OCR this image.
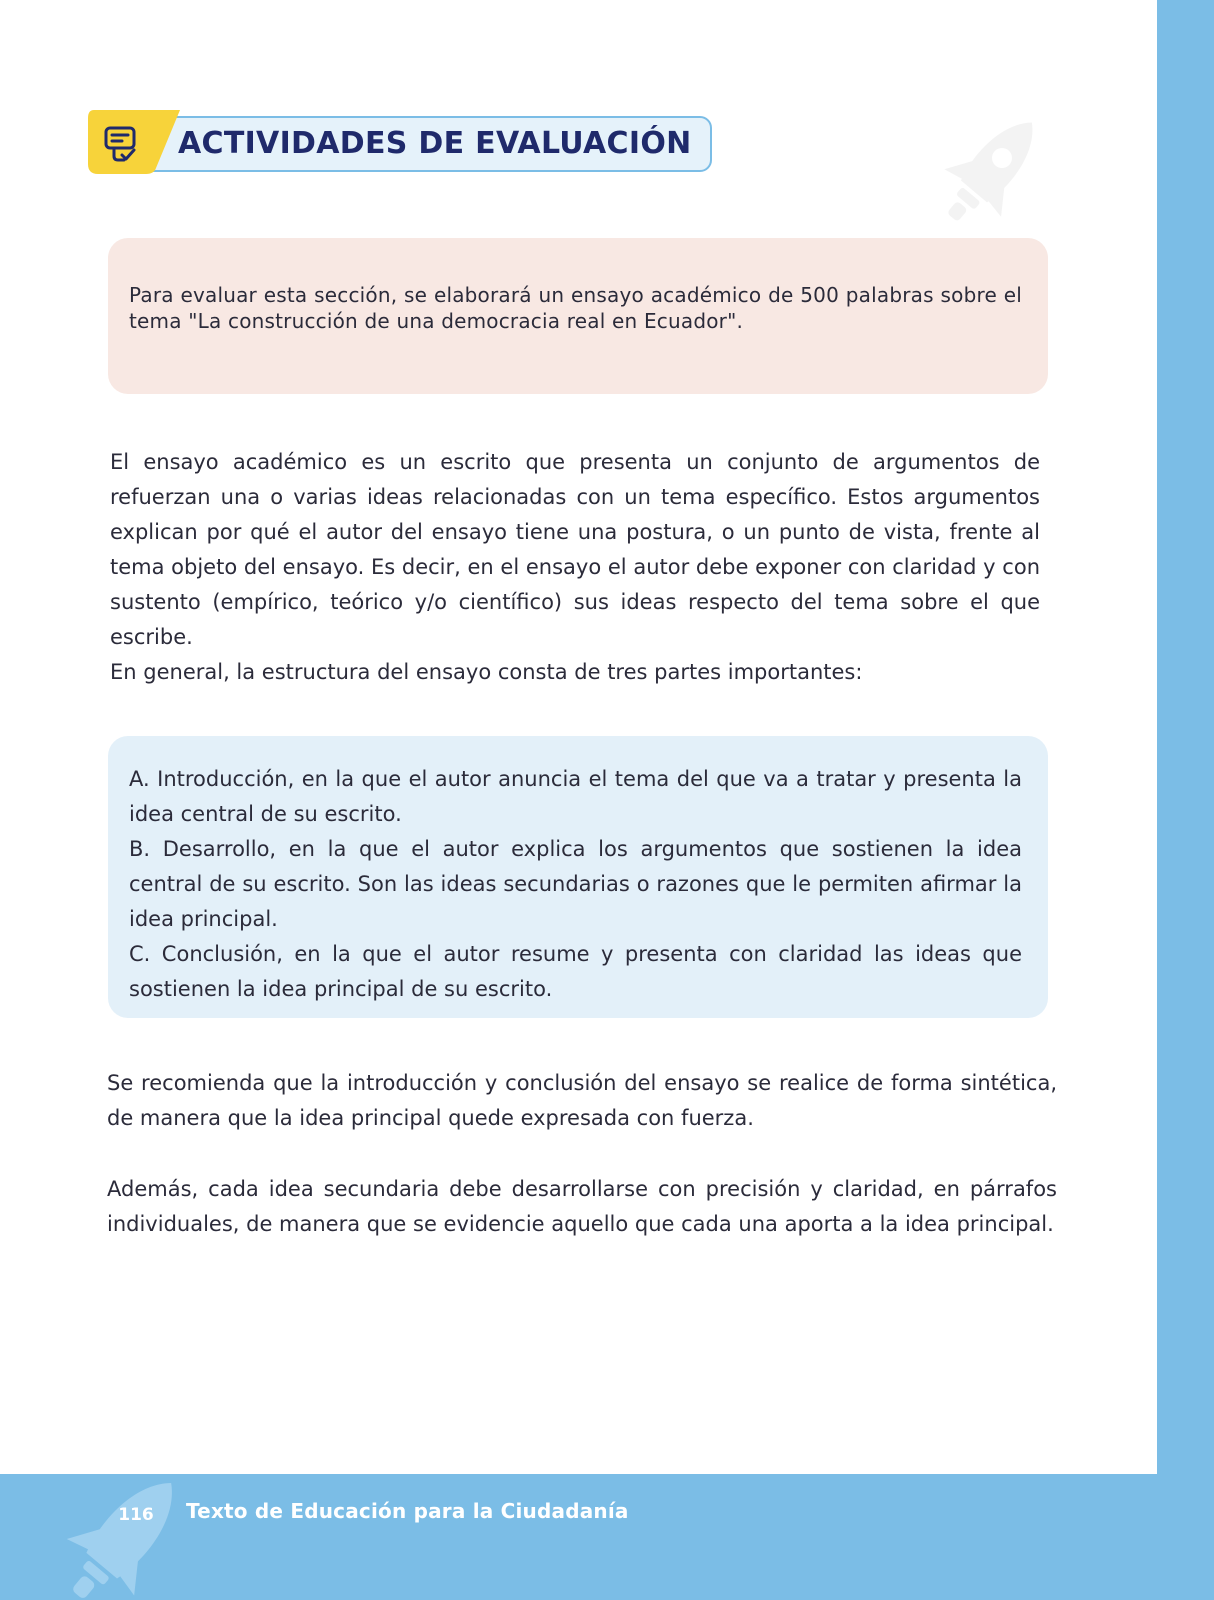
ACTIVIDADES DE EVALUACIÓN

Para evaluar esta sección, se elaborará un ensayo académico de 500 palabras sobre el tema "La construcción de una democracia real en Ecuador".

El ensayo académico es un escrito que presenta un conjunto de argumentos de refuerzan una o varias ideas relacionadas con un tema específico. Estos argumentos explican por qué el autor del ensayo tiene una postura, o un punto de vista, frente al tema objeto del ensayo. Es decir, en el ensayo el autor debe exponer con claridad y con sustento (empírico, teórico y/o científico) sus ideas respecto del tema sobre el que escribe.

En general, la estructura del ensayo consta de tres partes importantes:

A. Introducción, en la que el autor anuncia el tema del que va a tratar y presenta la idea central de su escrito.

B. Desarrollo, en la que el autor explica los argumentos que sostienen la idea central de su escrito. Son las ideas secundarias o razones que le permiten afirmar la idea principal.

C. Conclusión, en la que el autor resume y presenta con claridad las ideas que sostienen la idea principal de su escrito.

Se recomienda que la introducción y conclusión del ensayo se realice de forma sintética, de manera que la idea principal quede expresada con fuerza.

Además, cada idea secundaria debe desarrollarse con precisión y claridad, en párrafos individuales, de manera que se evidencie aquello que cada una aporta a la idea principal.

116 Texto de Educación para la Ciudadanía
